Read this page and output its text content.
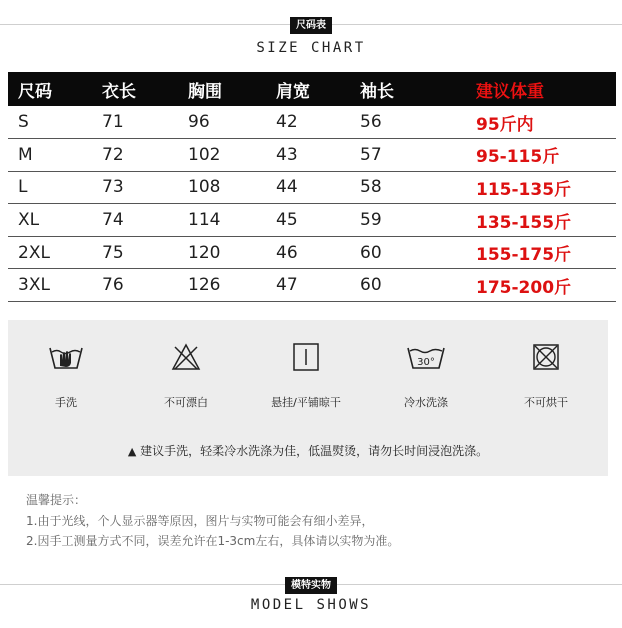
尺码表
SIZE CHART
尺码	衣长	胸围	肩宽	袖长	建议体重
S	71	96	42	56	95斤内
M	72	102	43	57	95-115斤
L	73	108	44	58	115-135斤
XL	74	114	45	59	135-155斤
2XL	75	120	46	60	155-175斤
3XL	76	126	47	60	175-200斤
手洗	不可漂白	悬挂/平铺晾干
30°
冷水洗涤	不可烘干
▲ 建议手洗，轻柔冷水洗涤为佳，低温熨烫，请勿长时间浸泡洗涤。
温馨提示：
1.由于光线，个人显示器等原因，图片与实物可能会有细小差异，
2.因手工测量方式不同，误差允许在1-3cm左右，具体请以实物为准。
模特实物
MODEL SHOWS
